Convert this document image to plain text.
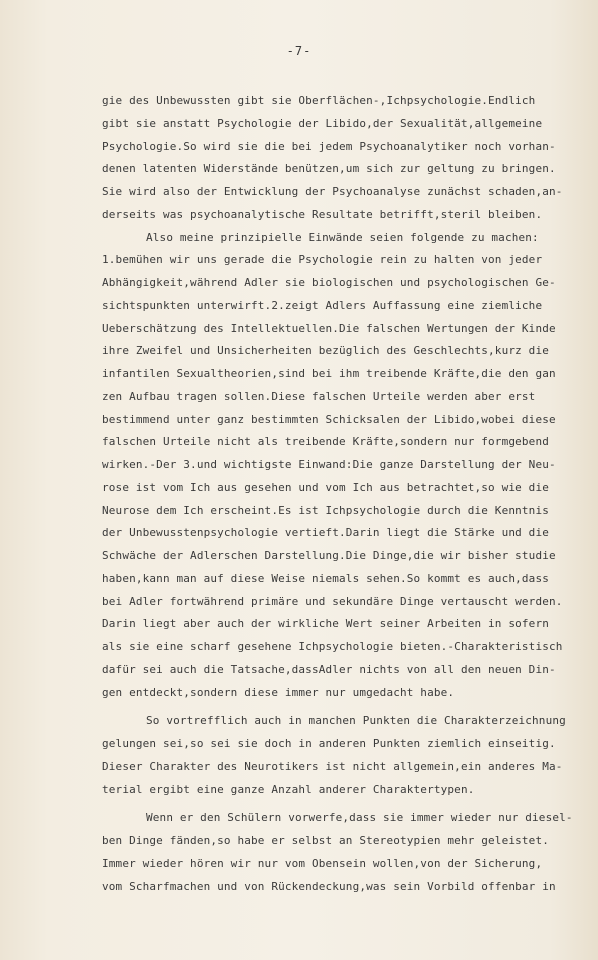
-7-
gie des Unbewussten gibt sie Oberflächen-,Ichpsychologie.Endlich
gibt sie anstatt Psychologie der Libido,der Sexualität,allgemeine
Psychologie.So wird sie die bei jedem Psychoanalytiker noch vorhan-
denen latenten Widerstände benützen,um sich zur geltung zu bringen.
Sie wird also der Entwicklung der Psychoanalyse zunächst schaden,an-
derseits was psychoanalytische Resultate betrifft,steril bleiben.
Also meine prinzipielle Einwände seien folgende zu machen:
1.bemühen wir uns gerade die Psychologie rein zu halten von jeder
Abhängigkeit,während Adler sie biologischen und psychologischen Ge-
sichtspunkten unterwirft.2.zeigt Adlers Auffassung eine ziemliche
Ueberschätzung des Intellektuellen.Die falschen Wertungen der Kinde
ihre Zweifel und Unsicherheiten bezüglich des Geschlechts,kurz die
infantilen Sexualtheorien,sind bei ihm treibende Kräfte,die den gan
zen Aufbau tragen sollen.Diese falschen Urteile werden aber erst
bestimmend unter ganz bestimmten Schicksalen der Libido,wobei diese
falschen Urteile nicht als treibende Kräfte,sondern nur formgebend
wirken.-Der 3.und wichtigste Einwand:Die ganze Darstellung der Neu-
rose ist vom Ich aus gesehen und vom Ich aus betrachtet,so wie die
Neurose dem Ich erscheint.Es ist Ichpsychologie durch die Kenntnis
der Unbewusstenpsychologie vertieft.Darin liegt die Stärke und die
Schwäche der Adlerschen Darstellung.Die Dinge,die wir bisher studie
haben,kann man auf diese Weise niemals sehen.So kommt es auch,dass
bei Adler fortwährend primäre und sekundäre Dinge vertauscht werden.
Darin liegt aber auch der wirkliche Wert seiner Arbeiten in sofern
als sie eine scharf gesehene Ichpsychologie bieten.-Charakteristisch
dafür sei auch die Tatsache,dassAdler nichts von all den neuen Din-
gen entdeckt,sondern diese immer nur umgedacht habe.
So vortrefflich auch in manchen Punkten die Charakterzeichnung
gelungen sei,so sei sie doch in anderen Punkten ziemlich einseitig.
Dieser Charakter des Neurotikers ist nicht allgemein,ein anderes Ma-
terial ergibt eine ganze Anzahl anderer Charaktertypen.
Wenn er den Schülern vorwerfe,dass sie immer wieder nur diesel-
ben Dinge fänden,so habe er selbst an Stereotypien mehr geleistet.
Immer wieder hören wir nur vom Obensein wollen,von der Sicherung,
vom Scharfmachen und von Rückendeckung,was sein Vorbild offenbar in
